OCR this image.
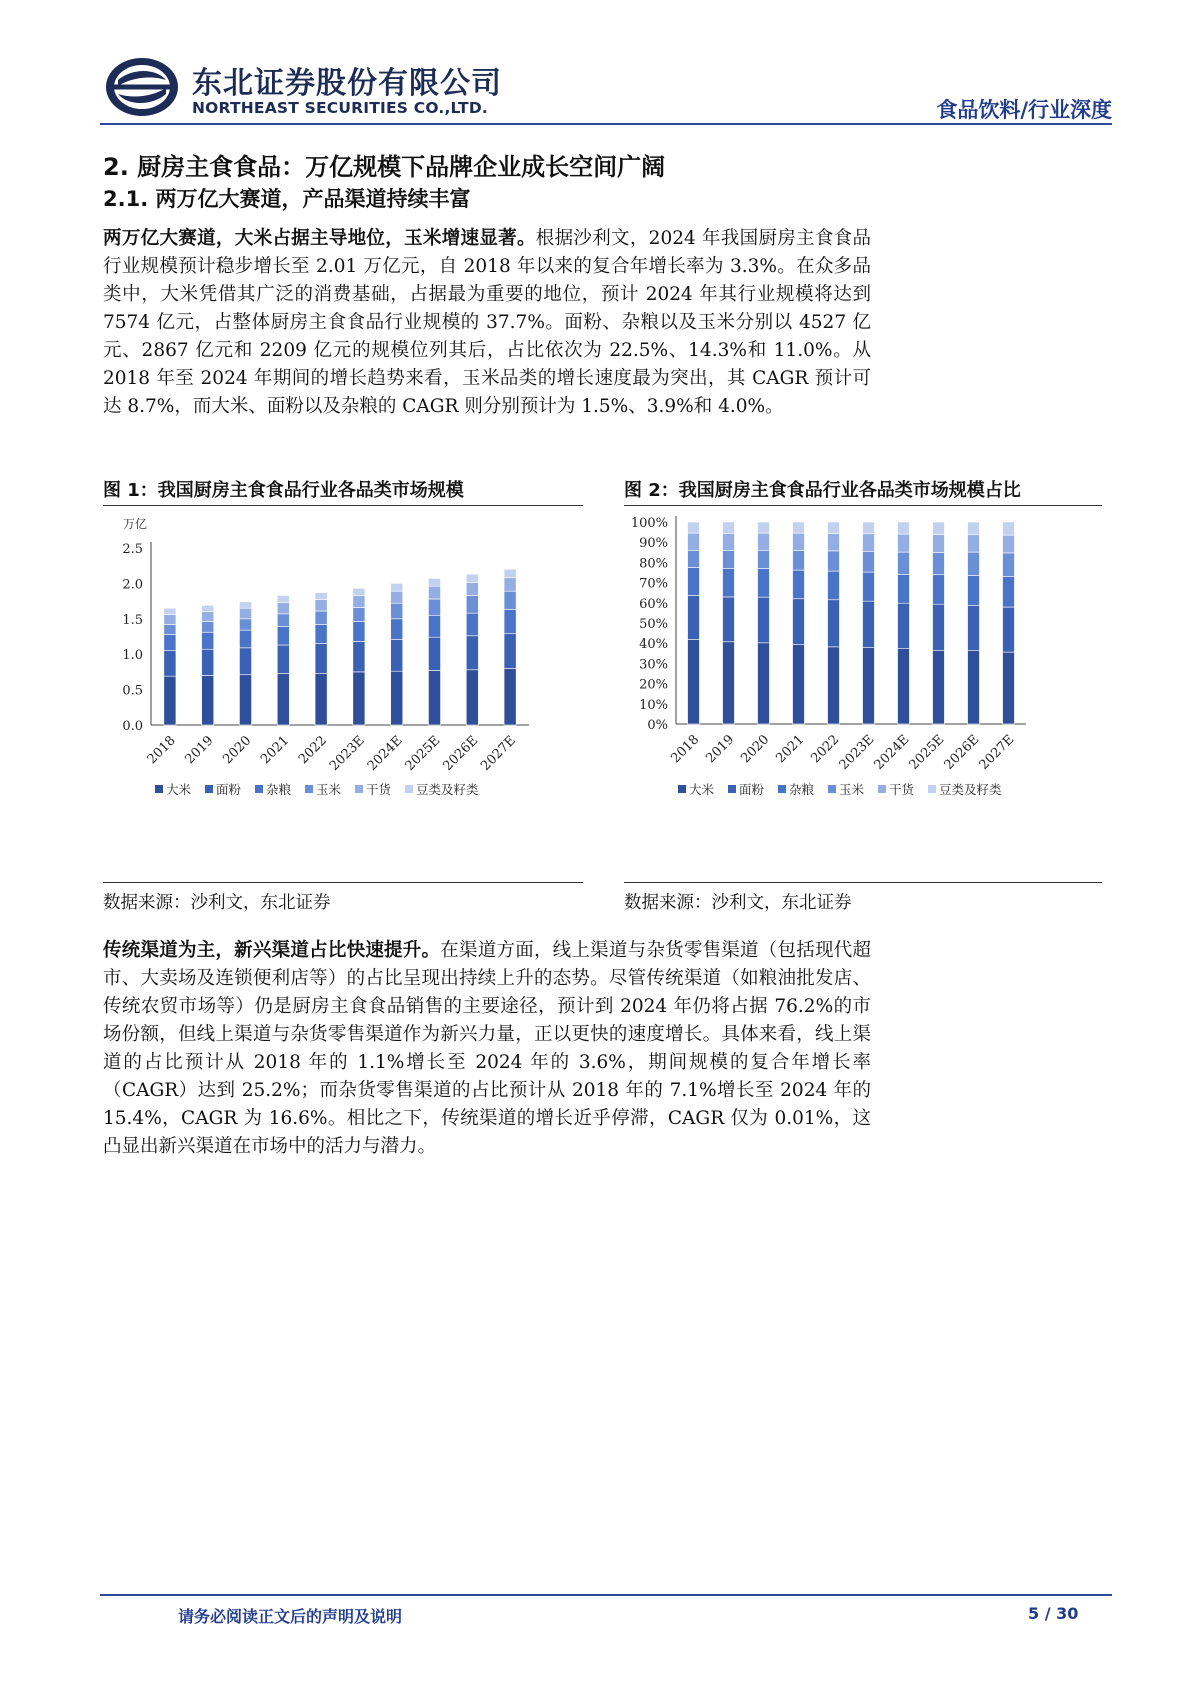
东北证券股份有限公司
NORTHEAST SECURITIES CO.,LTD.	食品饮料/行业深度
2. 厨房主食食品：万亿规模下品牌企业成长空间广阔
2.1. 两万亿大赛道，产品渠道持续丰富
两万亿大赛道，大米占据主导地位，玉米增速显著。根据沙利文，2024 年我国厨房主食食品行业规模预计稳步增长至 2.01 万亿元，自 2018 年以来的复合年增长率为 3.3%。在众多品类中，大米凭借其广泛的消费基础，占据最为重要的地位，预计 2024 年其行业规模将达到 7574 亿元，占整体厨房主食食品行业规模的 37.7%。面粉、杂粮以及玉米分别以 4527 亿元、2867 亿元和 2209 亿元的规模位列其后，占比依次为 22.5%、14.3%和 11.0%。从 2018 年至 2024 年期间的增长趋势来看，玉米品类的增长速度最为突出，其 CAGR 预计可达 8.7%，而大米、面粉以及杂粮的 CAGR 则分别预计为 1.5%、3.9%和 4.0%。
图 1：我国厨房主食食品行业各品类市场规模
万亿
0.0
0.5
1.0
1.5
2.0
2.5
2018 2019 2020 2021 2022
2023E
2024E
2025E
2026E
2027E
大米 面粉 杂粮 玉米 干货 豆类及籽类
数据来源：沙利文，东北证券
图 2：我国厨房主食食品行业各品类市场规模占比
0%
10%
20%
30%
40%
50%
60%
70%
80%
90%
100%
2018 2019 2020 2021 2022
2023E
2024E
2025E
2026E
2027E
大米 面粉 杂粮 玉米 干货 豆类及籽类
数据来源：沙利文，东北证券
传统渠道为主，新兴渠道占比快速提升。在渠道方面，线上渠道与杂货零售渠道（包括现代超市、大卖场及连锁便利店等）的占比呈现出持续上升的态势。尽管传统渠道（如粮油批发店、传统农贸市场等）仍是厨房主食食品销售的主要途径，预计到 2024 年仍将占据 76.2%的市场份额，但线上渠道与杂货零售渠道作为新兴力量，正以更快的速度增长。具体来看，线上渠道的占比预计从 2018 年的 1.1%增长至 2024 年的 3.6%，期间规模的复合年增长率（CAGR）达到 25.2%；而杂货零售渠道的占比预计从 2018 年的 7.1%增长至 2024 年的 15.4%，CAGR 为 16.6%。相比之下，传统渠道的增长近乎停滞，CAGR 仅为 0.01%，这凸显出新兴渠道在市场中的活力与潜力。
请务必阅读正文后的声明及说明	5 / 30
